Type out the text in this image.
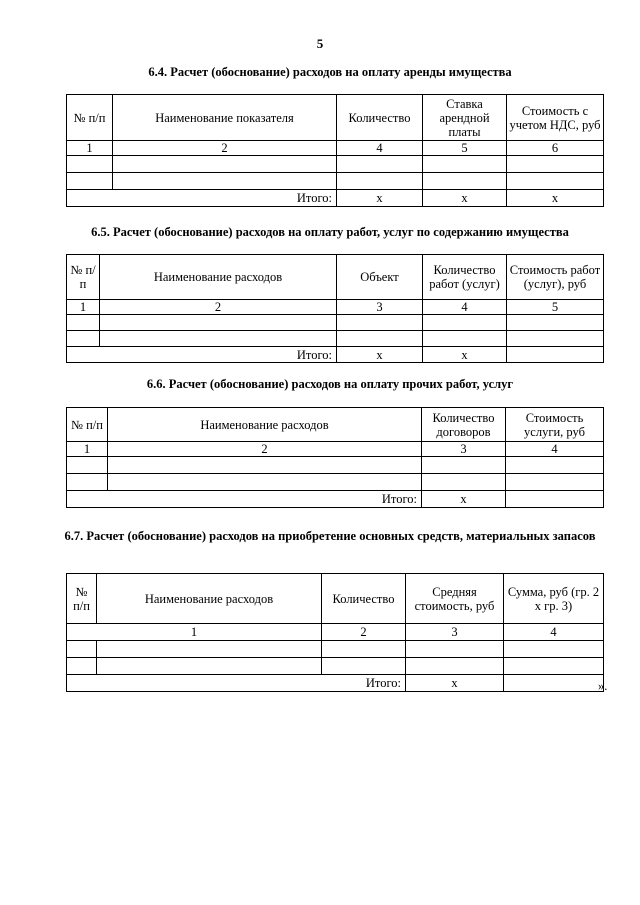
5
6.4. Расчет (обоснование) расходов на оплату аренды имущества
№ п/п	Наименование показателя	Количество	Ставка арендной платы	Стоимость с учетом НДС, руб
1	2	4	5	6

Итого:		х	х	х
6.5. Расчет (обоснование) расходов на оплату работ, услуг по содержанию имущества
№ п/п	Наименование расходов	Объект	Количество работ (услуг)	Стоимость работ (услуг), руб
1	2	3	4	5

Итого:		х	х	
6.6. Расчет (обоснование) расходов на оплату прочих работ, услуг
№ п/п	Наименование расходов	Количество договоров	Стоимость услуги, руб
1	2	3	4

Итого:		х	
6.7. Расчет (обоснование) расходов на приобретение основных средств, материальных запасов
№ п/п	Наименование расходов	Количество	Средняя стоимость, руб	Сумма, руб (гр. 2 х гр. 3)
1		2	3	4

Итого:			х		».
